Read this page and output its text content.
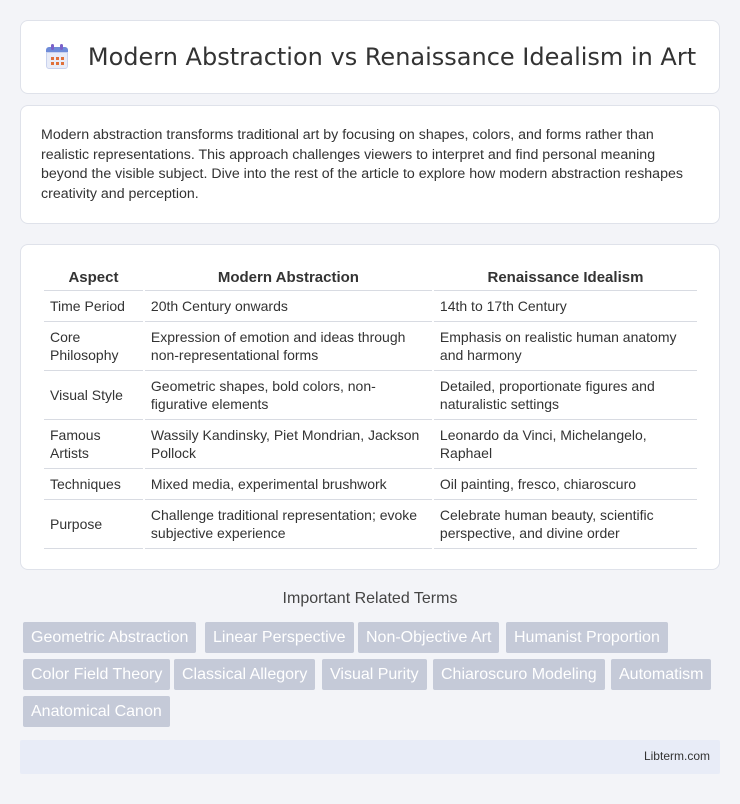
Modern Abstraction vs Renaissance Idealism in Art

Modern abstraction transforms traditional art by focusing on shapes, colors, and forms rather than realistic representations. This approach challenges viewers to interpret and find personal meaning beyond the visible subject. Dive into the rest of the article to explore how modern abstraction reshapes creativity and perception.

Aspect	Modern Abstraction	Renaissance Idealism
Time Period	20th Century onwards	14th to 17th Century
Core Philosophy	Expression of emotion and ideas through non-representational forms	Emphasis on realistic human anatomy and harmony
Visual Style	Geometric shapes, bold colors, non-figurative elements	Detailed, proportionate figures and naturalistic settings
Famous Artists	Wassily Kandinsky, Piet Mondrian, Jackson Pollock	Leonardo da Vinci, Michelangelo, Raphael
Techniques	Mixed media, experimental brushwork	Oil painting, fresco, chiaroscuro
Purpose	Challenge traditional representation; evoke subjective experience	Celebrate human beauty, scientific perspective, and divine order
Important Related Terms
Geometric Abstraction	Linear Perspective	Non-Objective Art	Humanist Proportion
Color Field Theory	Classical Allegory	Visual Purity	Chiaroscuro Modeling	Automatism
Anatomical Canon
Libterm.com
